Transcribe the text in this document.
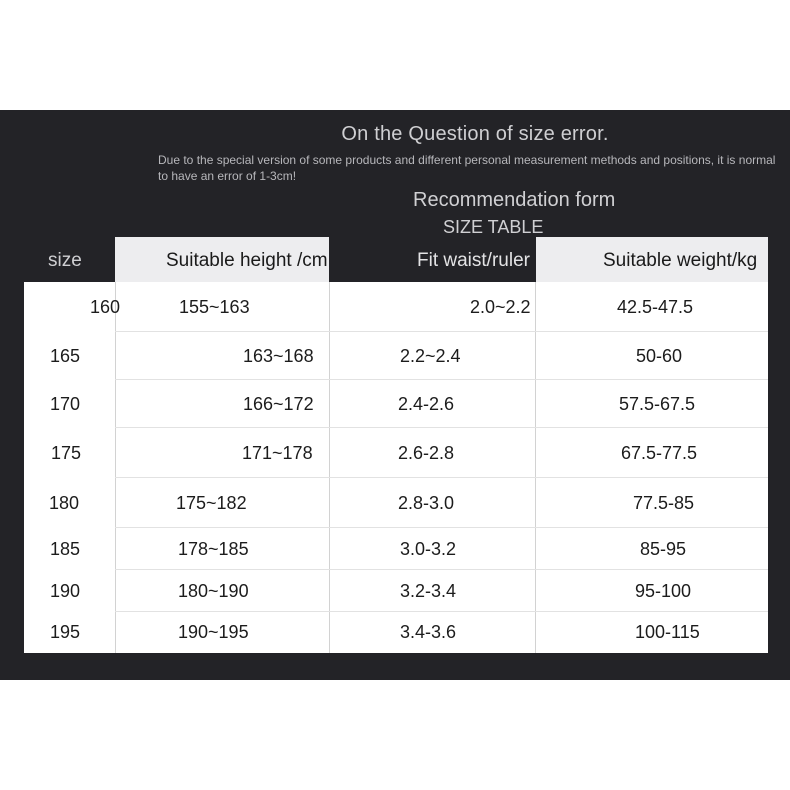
On the Question of size error.
Due to the special version of some products and different personal measurement methods and positions, it is normal to have an error of 1-3cm!
Recommendation form
SIZE TABLE
size	Suitable height /cm	Fit waist/ruler	Suitable weight/kg
160	155~163	2.0~2.2	42.5-47.5
165	163~168	2.2~2.4	50-60
170	166~172	2.4-2.6	57.5-67.5
175	171~178	2.6-2.8	67.5-77.5
180	175~182	2.8-3.0	77.5-85
185	178~185	3.0-3.2	85-95
190	180~190	3.2-3.4	95-100
195	190~195	3.4-3.6	100-115
